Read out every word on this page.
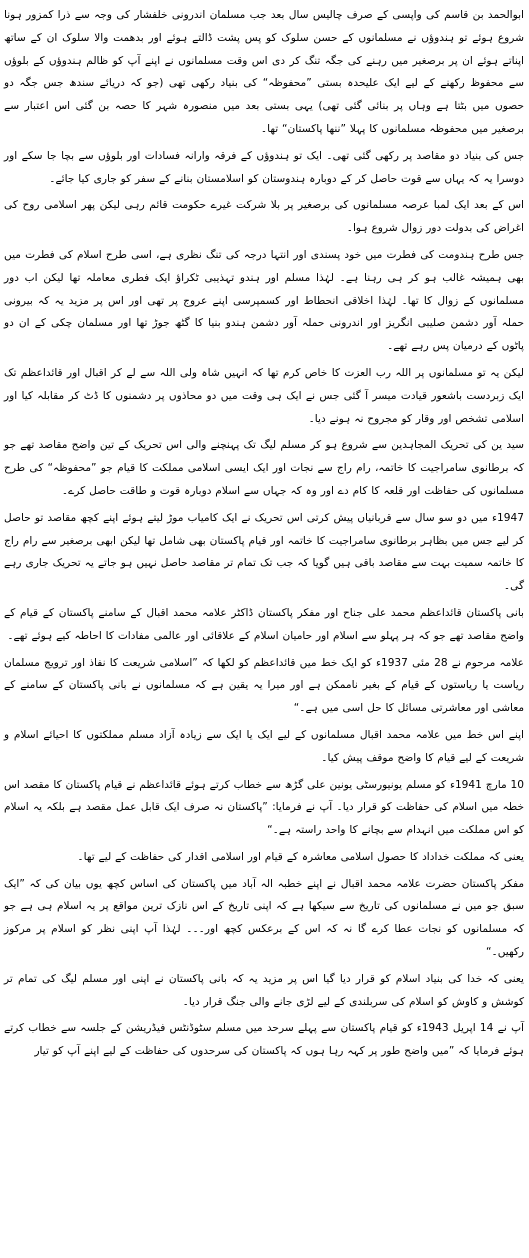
ابوالحمد بن قاسم کی واپسی کے صرف چالیس سال بعد جب مسلمان اندرونی خلفشار کی وجہ سے ذرا کمزور ہونا شروع ہوئے تو ہندوؤں نے مسلمانوں کے حسن سلوک کو پس پشت ڈالتے ہوئے اور بدھمت والا سلوک ان کے ساتھ اپناتے ہوئے ان پر برصغیر میں رہنے کی جگہ تنگ کر دی اس وقت مسلمانوں نے اپنے آپ کو ظالم ہندوؤں کے بلوؤں سے محفوظ رکھنے کے لیے ایک علیحدہ بستی ”محفوظہ“ کی بنیاد رکھی تھی (جو کہ دریائے سندھ جس جگہ دو حصوں میں بٹتا ہے وہاں پر بنائی گئی تھی) یہی بستی بعد میں منصورہ شہر کا حصہ بن گئی اس اعتبار سے برصغیر میں محفوظہ مسلمانوں کا پہلا ”ننھا پاکستان“ تھا۔

جس کی بنیاد دو مقاصد پر رکھی گئی تھی۔ ایک تو ہندوؤں کے فرقہ وارانہ فسادات اور بلوؤں سے بچا جا سکے اور دوسرا یہ کہ یہاں سے قوت حاصل کر کے دوبارہ ہندوستان کو اسلامستان بنانے کے سفر کو جاری کیا جائے۔

اس کے بعد ایک لمبا عرصہ مسلمانوں کی برصغیر پر بلا شرکت غیرے حکومت قائم رہی لیکن پھر اسلامی روح کی اغراض کی بدولت دور زوال شروع ہوا۔

جس طرح ہندومت کی فطرت میں خود پسندی اور انتہا درجہ کی تنگ نظری ہے، اسی طرح اسلام کی فطرت میں بھی ہمیشہ غالب ہو کر ہی رہنا ہے۔ لہٰذا مسلم اور ہندو تہذیبی ٹکراؤ ایک فطری معاملہ تھا لیکن اب دور مسلمانوں کے زوال کا تھا۔ لہٰذا اخلاقی انحطاط اور کسمپرسی اپنے عروج پر تھی اور اس پر مزید یہ کہ بیرونی حملہ آور دشمن صلیبی انگریز اور اندرونی حملہ آور دشمن ہندو بنیا کا گٹھ جوڑ تھا اور مسلمان چکی کے ان دو پاٹوں کے درمیان پس رہے تھے۔

لیکن یہ تو مسلمانوں پر اللہ رب العزت کا خاص کرم تھا کہ انہیں شاہ ولی اللہ سے لے کر اقبال اور قائداعظم تک ایک زبردست باشعور قیادت میسر آ گئی جس نے ایک ہی وقت میں دو محاذوں پر دشمنوں کا ڈٹ کر مقابلہ کیا اور اسلامی تشخص اور وقار کو مجروح نہ ہونے دیا۔

سید ین کی تحریک المجاہدین سے شروع ہو کر مسلم لیگ تک پہنچنے والی اس تحریک کے تین واضح مقاصد تھے جو کہ برطانوی سامراجیت کا خاتمہ، رام راج سے نجات اور ایک ایسی اسلامی مملکت کا قیام جو ”محفوظہ“ کی طرح مسلمانوں کی حفاظت اور قلعہ کا کام دے اور وہ کہ جہاں سے اسلام دوبارہ قوت و طاقت حاصل کرے۔

1947ء میں دو سو سال سے قربانیاں پیش کرتی اس تحریک نے ایک کامیاب موڑ لیتے ہوئے اپنے کچھ مقاصد تو حاصل کر لیے جس میں بظاہر برطانوی سامراجیت کا خاتمہ اور قیام پاکستان بھی شامل تھا لیکن ابھی برصغیر سے رام راج کا خاتمہ سمیت بہت سے مقاصد باقی ہیں گویا کہ جب تک تمام تر مقاصد حاصل نہیں ہو جاتے یہ تحریک جاری رہے گی۔

بانی پاکستان قائداعظم محمد علی جناح اور مفکر پاکستان ڈاکٹر علامہ محمد اقبال کے سامنے پاکستان کے قیام کے واضح مقاصد تھے جو کہ ہر پہلو سے اسلام اور حامیان اسلام کے علاقائی اور عالمی مفادات کا احاطہ کیے ہوئے تھے۔

علامہ مرحوم نے 28 مئی 1937ء کو ایک خط میں قائداعظم کو لکھا کہ ”اسلامی شریعت کا نفاذ اور ترویج مسلمان ریاست یا ریاستوں کے قیام کے بغیر ناممکن ہے اور میرا یہ یقین ہے کہ مسلمانوں نے بانی پاکستان کے سامنے کے معاشی اور معاشرتی مسائل کا حل اسی میں ہے۔“

اپنے اس خط میں علامہ محمد اقبال مسلمانوں کے لیے ایک یا ایک سے زیادہ آزاد مسلم مملکتوں کا احیائے اسلام و شریعت کے لیے قیام کا واضح موقف پیش کیا۔

10 مارچ 1941ء کو مسلم یونیورسٹی یونین علی گڑھ سے خطاب کرتے ہوئے قائداعظم نے قیام پاکستان کا مقصد اس خطہ میں اسلام کی حفاظت کو قرار دیا۔ آپ نے فرمایا: ”پاکستان نہ صرف ایک قابل عمل مقصد ہے بلکہ یہ اسلام کو اس مملکت میں انہدام سے بچانے کا واحد راستہ ہے۔“

یعنی کہ مملکت خداداد کا حصول اسلامی معاشرہ کے قیام اور اسلامی اقدار کی حفاظت کے لیے تھا۔

مفکر پاکستان حضرت علامہ محمد اقبال نے اپنے خطبہ الہ آباد میں پاکستان کی اساس کچھ یوں بیان کی کہ ”ایک سبق جو میں نے مسلمانوں کی تاریخ سے سیکھا ہے کہ اپنی تاریخ کے اس نازک ترین مواقع پر یہ اسلام ہی ہے جو کہ مسلمانوں کو نجات عطا کرے گا نہ کہ اس کے برعکس کچھ اور۔۔۔ لہٰذا آپ اپنی نظر کو اسلام پر مرکوز رکھیں۔“

یعنی کہ خدا کی بنیاد اسلام کو قرار دیا گیا اس پر مزید یہ کہ بانی پاکستان نے اپنی اور مسلم لیگ کی تمام تر کوشش و کاوش کو اسلام کی سربلندی کے لیے لڑی جانے والی جنگ قرار دیا۔

آپ نے 14 اپریل 1943ء کو قیام پاکستان سے پہلے سرحد میں مسلم سٹوڈنٹس فیڈریشن کے جلسہ سے خطاب کرتے ہوئے فرمایا کہ ”میں واضح طور پر کہہ رہا ہوں کہ پاکستان کی سرحدوں کی حفاظت کے لیے اپنے آپ کو تیار
